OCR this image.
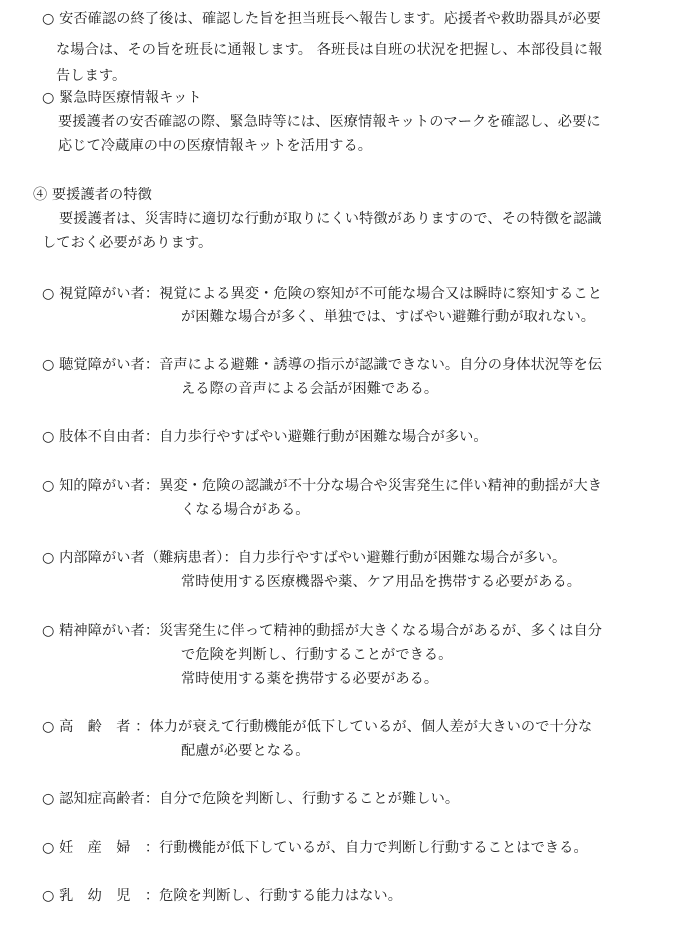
○ 安否確認の終了後は、確認した旨を担当班長へ報告します。応援者や救助器具が必要
な場合は、その旨を班長に通報します。 各班長は自班の状況を把握し、本部役員に報
告します。
○ 緊急時医療情報キット
要援護者の安否確認の際、緊急時等には、医療情報キットのマークを確認し、必要に
応じて冷蔵庫の中の医療情報キットを活用する。
④ 要援護者の特徴
要援護者は、災害時に適切な行動が取りにくい特徴がありますので、その特徴を認識
しておく必要があります。
○ 視覚障がい者：視覚による異変・危険の察知が不可能な場合又は瞬時に察知すること
が困難な場合が多く、単独では、すばやい避難行動が取れない。
○ 聴覚障がい者：音声による避難・誘導の指示が認識できない。自分の身体状況等を伝
える際の音声による会話が困難である。
○ 肢体不自由者：自力歩行やすばやい避難行動が困難な場合が多い。
○ 知的障がい者：異変・危険の認識が不十分な場合や災害発生に伴い精神的動揺が大き
くなる場合がある。
○ 内部障がい者（難病患者）：自力歩行やすばやい避難行動が困難な場合が多い。
常時使用する医療機器や薬、ケア用品を携帯する必要がある。
○ 精神障がい者：災害発生に伴って精神的動揺が大きくなる場合があるが、多くは自分
で危険を判断し、行動することができる。
常時使用する薬を携帯する必要がある。
○ 高　齢　者 ：体力が衰えて行動機能が低下しているが、個人差が大きいので十分な
配慮が必要となる。
○ 認知症高齢者：自分で危険を判断し、行動することが難しい。
○ 妊　産　婦　：行動機能が低下しているが、自力で判断し行動することはできる。
○ 乳　幼　児　：危険を判断し、行動する能力はない。
